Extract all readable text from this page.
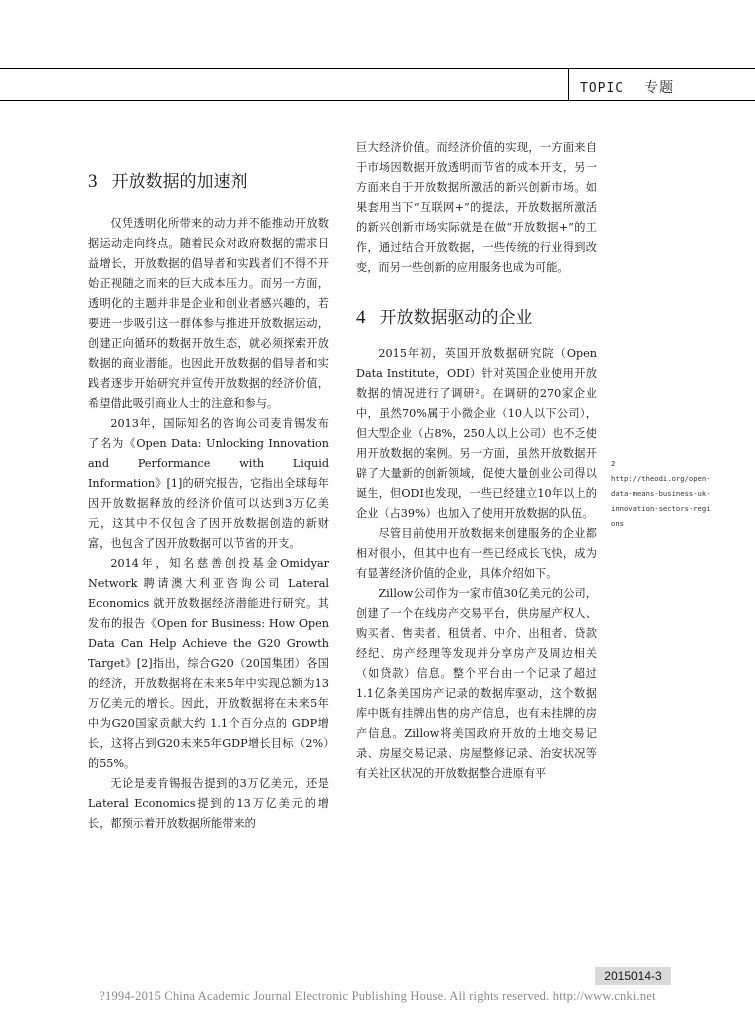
TOPIC 专题

3 开放数据的加速剂

仅凭透明化所带来的动力并不能推动开放数据运动走向终点。随着民众对政府数据的需求日益增长，开放数据的倡导者和实践者们不得不开始正视随之而来的巨大成本压力。而另一方面，透明化的主题并非是企业和创业者感兴趣的，若要进一步吸引这一群体参与推进开放数据运动，创建正向循环的数据开放生态，就必须探索开放数据的商业潜能。也因此开放数据的倡导者和实践者逐步开始研究并宣传开放数据的经济价值，希望借此吸引商业人士的注意和参与。

2013年，国际知名的咨询公司麦肯锡发布了名为《Open Data: Unlocking Innovation and Performance with Liquid Information》[1]的研究报告，它指出全球每年因开放数据释放的经济价值可以达到3万亿美元，这其中不仅包含了因开放数据创造的新财富，也包含了因开放数据可以节省的开支。

2014年，知名慈善创投基金Omidyar Network 聘请澳大利亚咨询公司 Lateral Economics 就开放数据经济潜能进行研究。其发布的报告《Open for Business: How Open Data Can Help Achieve the G20 Growth Target》[2]指出，综合G20（20国集团）各国的经济，开放数据将在未来5年中实现总额为13万亿美元的增长。因此，开放数据将在未来5年中为G20国家贡献大约 1.1个百分点的 GDP增长，这将占到G20未来5年GDP增长目标（2%）的55%。

无论是麦肯锡报告提到的3万亿美元，还是Lateral Economics提到的13万亿美元的增长，都预示着开放数据所能带来的

巨大经济价值。而经济价值的实现，一方面来自于市场因数据开放透明而节省的成本开支，另一方面来自于开放数据所激活的新兴创新市场。如果套用当下“互联网+”的提法，开放数据所激活的新兴创新市场实际就是在做“开放数据+”的工作，通过结合开放数据，一些传统的行业得到改变，而另一些创新的应用服务也成为可能。

4 开放数据驱动的企业

2015年初，英国开放数据研究院（Open Data Institute，ODI）针对英国企业使用开放数据的情况进行了调研²。在调研的270家企业中，虽然70%属于小微企业（10人以下公司），但大型企业（占8%，250人以上公司）也不乏使用开放数据的案例。另一方面，虽然开放数据开辟了大量新的创新领域，促使大量创业公司得以诞生，但ODI也发现，一些已经建立10年以上的企业（占39%）也加入了使用开放数据的队伍。

尽管目前使用开放数据来创建服务的企业都相对很小，但其中也有一些已经成长飞快，成为有显著经济价值的企业，具体介绍如下。

Zillow公司作为一家市值30亿美元的公司，创建了一个在线房产交易平台，供房屋产权人、购买者、售卖者、租赁者、中介、出租者、贷款经纪、房产经理等发现并分享房产及周边相关（如贷款）信息。整个平台由一个记录了超过1.1亿条美国房产记录的数据库驱动，这个数据库中既有挂牌出售的房产信息，也有未挂牌的房产信息。Zillow将美国政府开放的土地交易记录、房屋交易记录、房屋整修记录、治安状况等有关社区状况的开放数据整合进原有平

2
http://theodi.org/open-data-means-business-uk-innovation-sectors-regions
2015014-3
?1994-2015 China Academic Journal Electronic Publishing House. All rights reserved. http://www.cnki.net
